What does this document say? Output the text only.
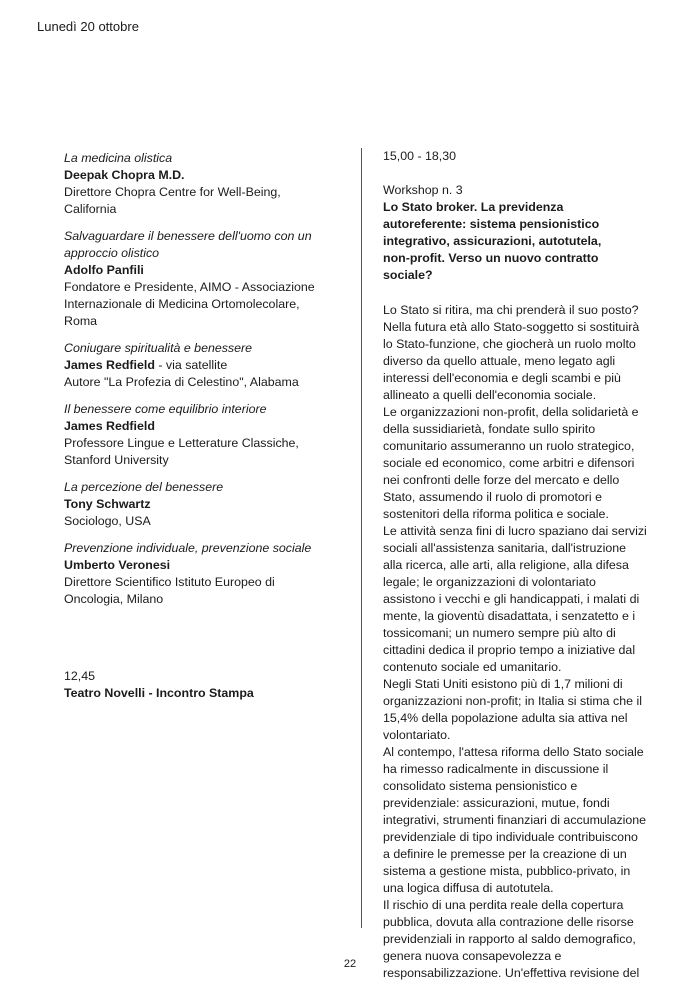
Lunedì 20 ottobre
La medicina olistica
Deepak Chopra M.D.
Direttore Chopra Centre for Well-Being,
California
Salvaguardare il benessere dell'uomo con un approccio olistico
Adolfo Panfili
Fondatore e Presidente, AIMO - Associazione
Internazionale di Medicina Ortomolecolare,
Roma
Coniugare spiritualità e benessere
James Redfield - via satellite
Autore "La Profezia di Celestino", Alabama
Il benessere come equilibrio interiore
James Redfield
Professore Lingue e Letterature Classiche,
Stanford University
La percezione del benessere
Tony Schwartz
Sociologo, USA
Prevenzione individuale, prevenzione sociale
Umberto Veronesi
Direttore Scientifico Istituto Europeo di
Oncologia, Milano
12,45
Teatro Novelli - Incontro Stampa
15,00 - 18,30
Workshop n. 3
Lo Stato broker. La previdenza
autoreferente: sistema pensionistico
integrativo, assicurazioni, autotutela,
non-profit. Verso un nuovo contratto
sociale?
Lo Stato si ritira, ma chi prenderà il suo posto?
Nella futura età allo Stato-soggetto si sostituirà
lo Stato-funzione, che giocherà un ruolo molto
diverso da quello attuale, meno legato agli
interessi dell'economia e degli scambi e più
allineato a quelli dell'economia sociale.
Le organizzazioni non-profit, della solidarietà e
della sussidiarietà, fondate sullo spirito
comunitario assumeranno un ruolo strategico,
sociale ed economico, come arbitri e difensori
nei confronti delle forze del mercato e dello
Stato, assumendo il ruolo di promotori e
sostenitori della riforma politica e sociale.
Le attività senza fini di lucro spaziano dai servizi
sociali all'assistenza sanitaria, dall'istruzione
alla ricerca, alle arti, alla religione, alla difesa
legale; le organizzazioni di volontariato
assistono i vecchi e gli handicappati, i malati di
mente, la gioventù disadattata, i senzatetto e i
tossicomani; un numero sempre più alto di
cittadini dedica il proprio tempo a iniziative dal
contenuto sociale ed umanitario.
Negli Stati Uniti esistono più di 1,7 milioni di
organizzazioni non-profit; in Italia si stima che il
15,4% della popolazione adulta sia attiva nel
volontariato.
Al contempo, l'attesa riforma dello Stato sociale
ha rimesso radicalmente in discussione il
consolidato sistema pensionistico e
previdenziale: assicurazioni, mutue, fondi
integrativi, strumenti finanziari di accumulazione
previdenziale di tipo individuale contribuiscono
a definire le premesse per la creazione di un
sistema a gestione mista, pubblico-privato, in
una logica diffusa di autotutela.
Il rischio di una perdita reale della copertura
pubblica, dovuta alla contrazione delle risorse
previdenziali in rapporto al saldo demografico,
genera nuova consapevolezza e
responsabilizzazione. Un'effettiva revisione del
22
